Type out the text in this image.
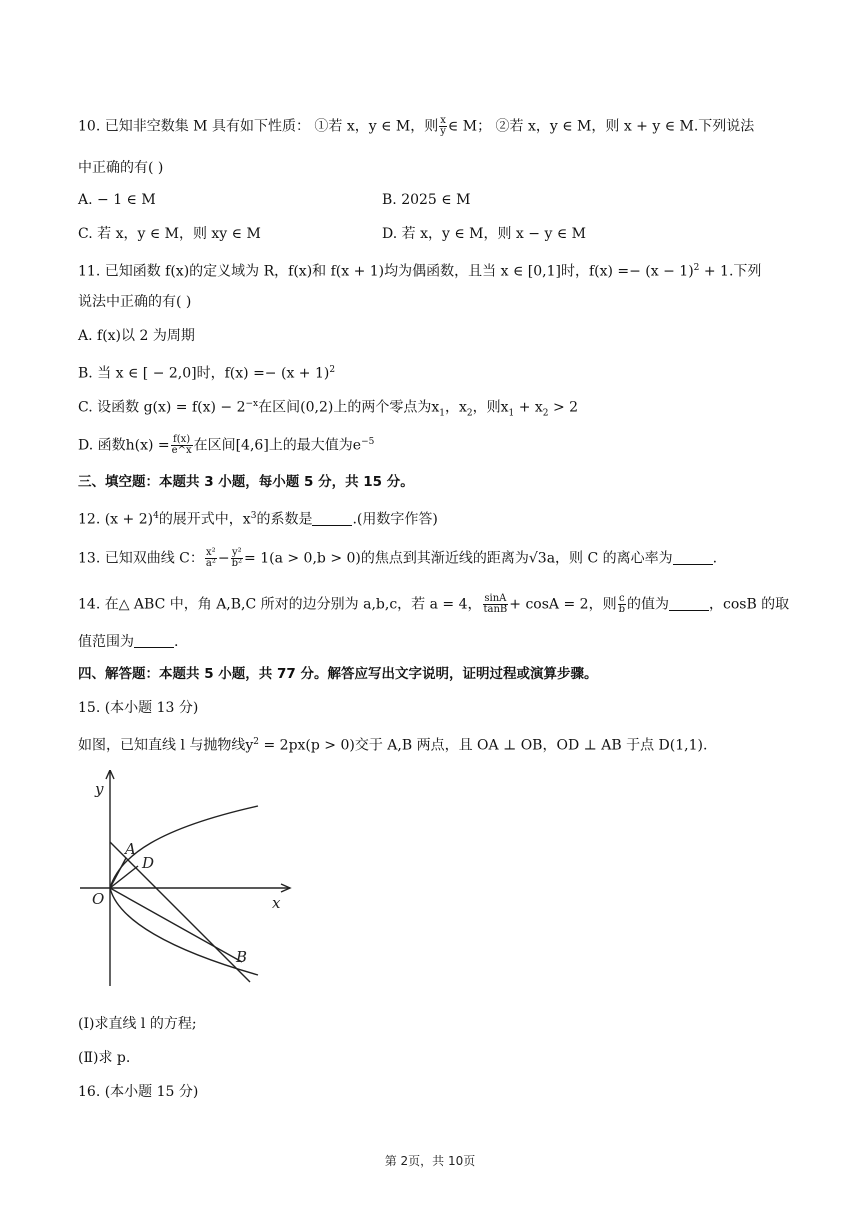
10. 已知非空数集 M 具有如下性质： ①若 x，y ∈ M，则 $\frac{x}{y}$ ∈ M； ②若 x，y ∈ M，则 x + y ∈ M.下列说法
中正确的有( )
A. − 1 ∈ M	B. 2025 ∈ M
C. 若 x，y ∈ M，则 xy ∈ M	D. 若 x，y ∈ M，则 x − y ∈ M
11. 已知函数 f(x)的定义域为 R，f(x)和 f(x + 1)均为偶函数，且当 x ∈ [0,1]时，$f(x) =- (x - 1)^2 + 1$.下列
说法中正确的有( )
A. f(x)以 2 为周期
B. 当 x ∈ [ − 2,0]时，$f(x) =- (x + 1)^2$
C. 设函数 $g(x) = f(x) - 2^{-x}$在区间(0,2)上的两个零点为$x_1$，$x_2$，则$x_1 + x_2 > 2$
D. 函数$h(x) = \frac{f(x)}{e\^{}x}$ 在区间[4,6]上的最大值为$e^{-5}$
三、填空题：本题共 3 小题，每小题 5 分，共 15 分。
12. $(x + 2)^4$的展开式中，$x^3$的系数是	.(用数字作答)
13. 已知双曲线 C： $\frac{\text{x²}}{\text{a²}} - \frac{\text{y²}}{\text{b²}} = 1(a > 0,b > 0)$的焦点到其渐近线的距离为√3a，则 C 的离心率为	.
14. 在△ ABC 中，角 A,B,C 所对的边分别为 a,b,c，若 a = 4， $\frac{\sin A}{\tan B} + \cos A = 2$，则 $\frac{c}{b}$ 的值为	，cosB 的取
值范围为	.
四、解答题：本题共 5 小题，共 77 分。解答应写出文字说明，证明过程或演算步骤。
15. (本小题 13 分)
如图，已知直线 l 与抛物线$y^2 = 2px(p > 0)$交于 A,B 两点，且 OA ⊥ OB，OD ⊥ AB 于点 D(1,1).
y
x
O
A
D
B
(Ⅰ)求直线 l 的方程;
(Ⅱ)求 p.
16. (本小题 15 分)
第 2页，共 10页
